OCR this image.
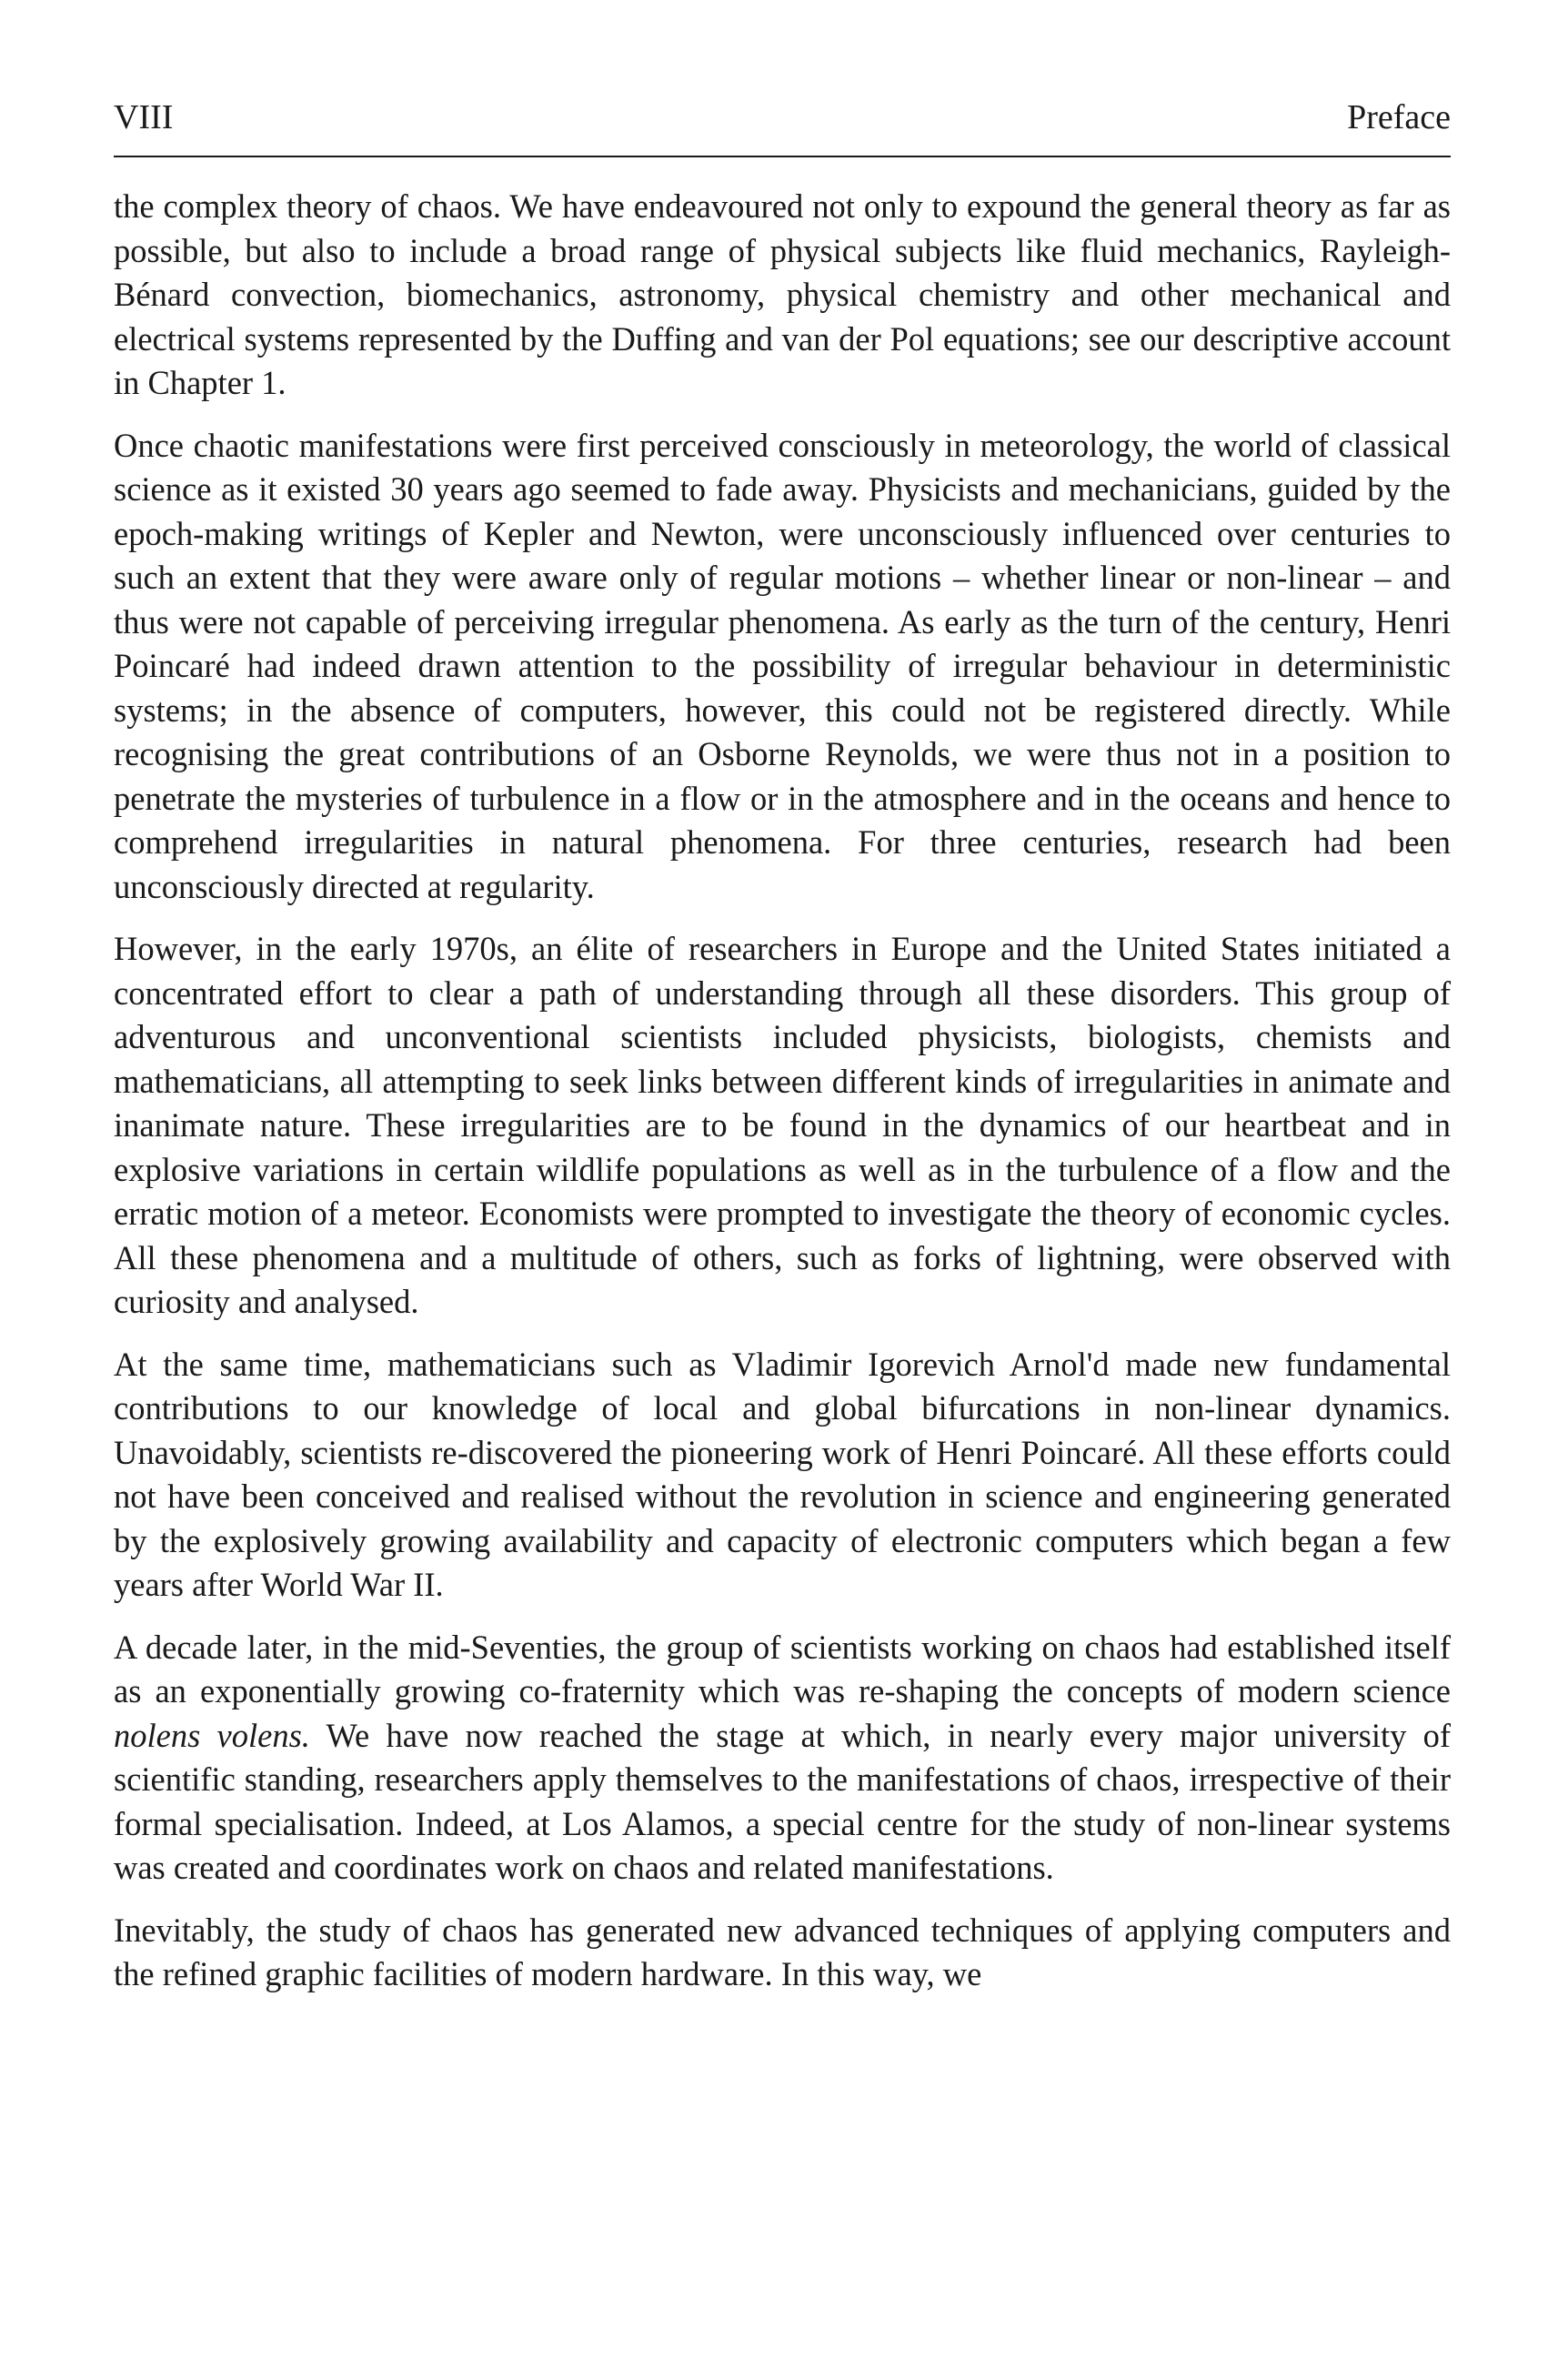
VIII	Preface

the complex theory of chaos. We have endeavoured not only to expound the general theory as far as possible, but also to include a broad range of physical subjects like fluid mechanics, Rayleigh-Bénard convection, biomechanics, astronomy, physical chemistry and other mechanical and electrical systems represented by the Duffing and van der Pol equations; see our descriptive account in Chapter 1.

Once chaotic manifestations were first perceived consciously in meteorology, the world of classical science as it existed 30 years ago seemed to fade away. Physicists and mechanicians, guided by the epoch-making writings of Kepler and Newton, were unconsciously influenced over centuries to such an extent that they were aware only of regular motions – whether linear or non-linear – and thus were not capable of perceiving irregular phenomena. As early as the turn of the century, Henri Poincaré had indeed drawn attention to the possibility of irregular behaviour in deterministic systems; in the absence of computers, however, this could not be registered directly. While recognising the great contributions of an Osborne Reynolds, we were thus not in a position to penetrate the mysteries of turbulence in a flow or in the atmosphere and in the oceans and hence to comprehend irregularities in natural phenomena. For three centuries, research had been unconsciously directed at regularity.

However, in the early 1970s, an élite of researchers in Europe and the United States initiated a concentrated effort to clear a path of understanding through all these disorders. This group of adventurous and unconventional scientists included physicists, biologists, chemists and mathematicians, all attempting to seek links between different kinds of irregularities in animate and inanimate nature. These irregularities are to be found in the dynamics of our heartbeat and in explosive variations in certain wildlife populations as well as in the turbulence of a flow and the erratic motion of a meteor. Economists were prompted to investigate the theory of economic cycles. All these phenomena and a multitude of others, such as forks of lightning, were observed with curiosity and analysed.

At the same time, mathematicians such as Vladimir Igorevich Arnol'd made new fundamental contributions to our knowledge of local and global bifurcations in non-linear dynamics. Unavoidably, scientists re-discovered the pioneering work of Henri Poincaré. All these efforts could not have been conceived and realised without the revolution in science and engineering generated by the explosively growing availability and capacity of electronic computers which began a few years after World War II.

A decade later, in the mid-Seventies, the group of scientists working on chaos had established itself as an exponentially growing co-fraternity which was re-shaping the concepts of modern science nolens volens. We have now reached the stage at which, in nearly every major university of scientific standing, researchers apply themselves to the manifestations of chaos, irrespective of their formal specialisation. Indeed, at Los Alamos, a special centre for the study of non-linear systems was created and coordinates work on chaos and related manifestations.

Inevitably, the study of chaos has generated new advanced techniques of applying computers and the refined graphic facilities of modern hardware. In this way, we
